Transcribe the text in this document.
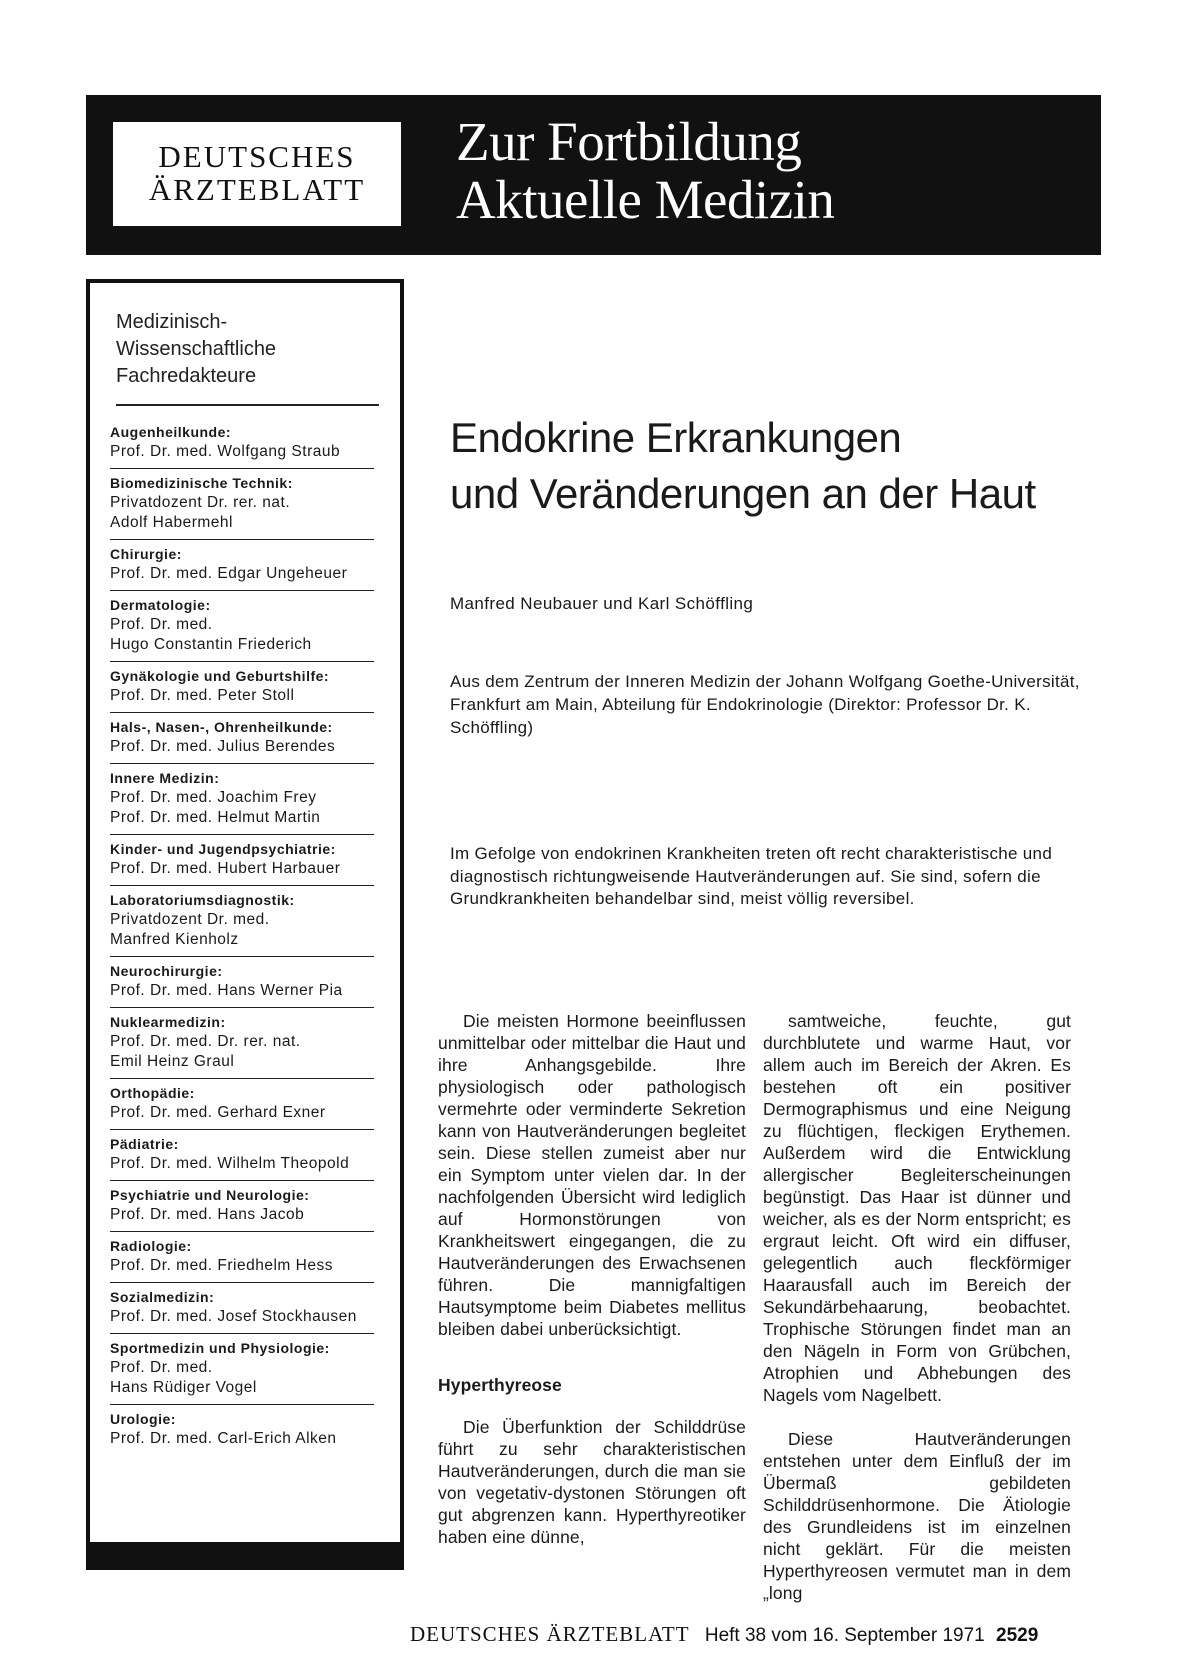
DEUTSCHES
ÄRZTEBLATT
Zur Fortbildung
Aktuelle Medizin
Medizinisch-
Wissenschaftliche
Fachredakteure
Augenheilkunde:
Prof. Dr. med. Wolfgang Straub
Biomedizinische Technik:
Privatdozent Dr. rer. nat.
Adolf Habermehl
Chirurgie:
Prof. Dr. med. Edgar Ungeheuer
Dermatologie:
Prof. Dr. med.
Hugo Constantin Friederich
Gynäkologie und Geburtshilfe:
Prof. Dr. med. Peter Stoll
Hals-, Nasen-, Ohrenheilkunde:
Prof. Dr. med. Julius Berendes
Innere Medizin:
Prof. Dr. med. Joachim Frey
Prof. Dr. med. Helmut Martin
Kinder- und Jugendpsychiatrie:
Prof. Dr. med. Hubert Harbauer
Laboratoriumsdiagnostik:
Privatdozent Dr. med.
Manfred Kienholz
Neurochirurgie:
Prof. Dr. med. Hans Werner Pia
Nuklearmedizin:
Prof. Dr. med. Dr. rer. nat.
Emil Heinz Graul
Orthopädie:
Prof. Dr. med. Gerhard Exner
Pädiatrie:
Prof. Dr. med. Wilhelm Theopold
Psychiatrie und Neurologie:
Prof. Dr. med. Hans Jacob
Radiologie:
Prof. Dr. med. Friedhelm Hess
Sozialmedizin:
Prof. Dr. med. Josef Stockhausen
Sportmedizin und Physiologie:
Prof. Dr. med.
Hans Rüdiger Vogel
Urologie:
Prof. Dr. med. Carl-Erich Alken
Endokrine Erkrankungen
und Veränderungen an der Haut
Manfred Neubauer und Karl Schöffling
Aus dem Zentrum der Inneren Medizin der Johann Wolfgang Goethe-Universität, Frankfurt am Main, Abteilung für Endokrinologie (Direktor: Professor Dr. K. Schöffling)
Im Gefolge von endokrinen Krankheiten treten oft recht charakteristische und diagnostisch richtungweisende Hautveränderungen auf. Sie sind, sofern die Grundkrankheiten behandelbar sind, meist völlig reversibel.

Die meisten Hormone beeinflussen unmittelbar oder mittelbar die Haut und ihre Anhangsgebilde. Ihre physiologisch oder pathologisch vermehrte oder verminderte Sekretion kann von Hautveränderungen begleitet sein. Diese stellen zumeist aber nur ein Symptom unter vielen dar. In der nachfolgenden Übersicht wird lediglich auf Hormonstörungen von Krankheitswert eingegangen, die zu Hautveränderungen des Erwachsenen führen. Die mannigfaltigen Hautsymptome beim Diabetes mellitus bleiben dabei unberücksichtigt.

Hyperthyreose

Die Überfunktion der Schilddrüse führt zu sehr charakteristischen Hautveränderungen, durch die man sie von vegetativ-dystonen Störungen oft gut abgrenzen kann. Hyperthyreotiker haben eine dünne,

samtweiche, feuchte, gut durchblutete und warme Haut, vor allem auch im Bereich der Akren. Es bestehen oft ein positiver Dermographismus und eine Neigung zu flüchtigen, fleckigen Erythemen. Außerdem wird die Entwicklung allergischer Begleiterscheinungen begünstigt. Das Haar ist dünner und weicher, als es der Norm entspricht; es ergraut leicht. Oft wird ein diffuser, gelegentlich auch fleckförmiger Haarausfall auch im Bereich der Sekundärbehaarung, beobachtet. Trophische Störungen findet man an den Nägeln in Form von Grübchen, Atrophien und Abhebungen des Nagels vom Nagelbett.

Diese Hautveränderungen entstehen unter dem Einfluß der im Übermaß gebildeten Schilddrüsenhormone. Die Ätiologie des Grundleidens ist im einzelnen nicht geklärt. Für die meisten Hyperthyreosen vermutet man in dem „long

DEUTSCHES ÄRZTEBLATT Heft 38 vom 16. September 1971 2529
